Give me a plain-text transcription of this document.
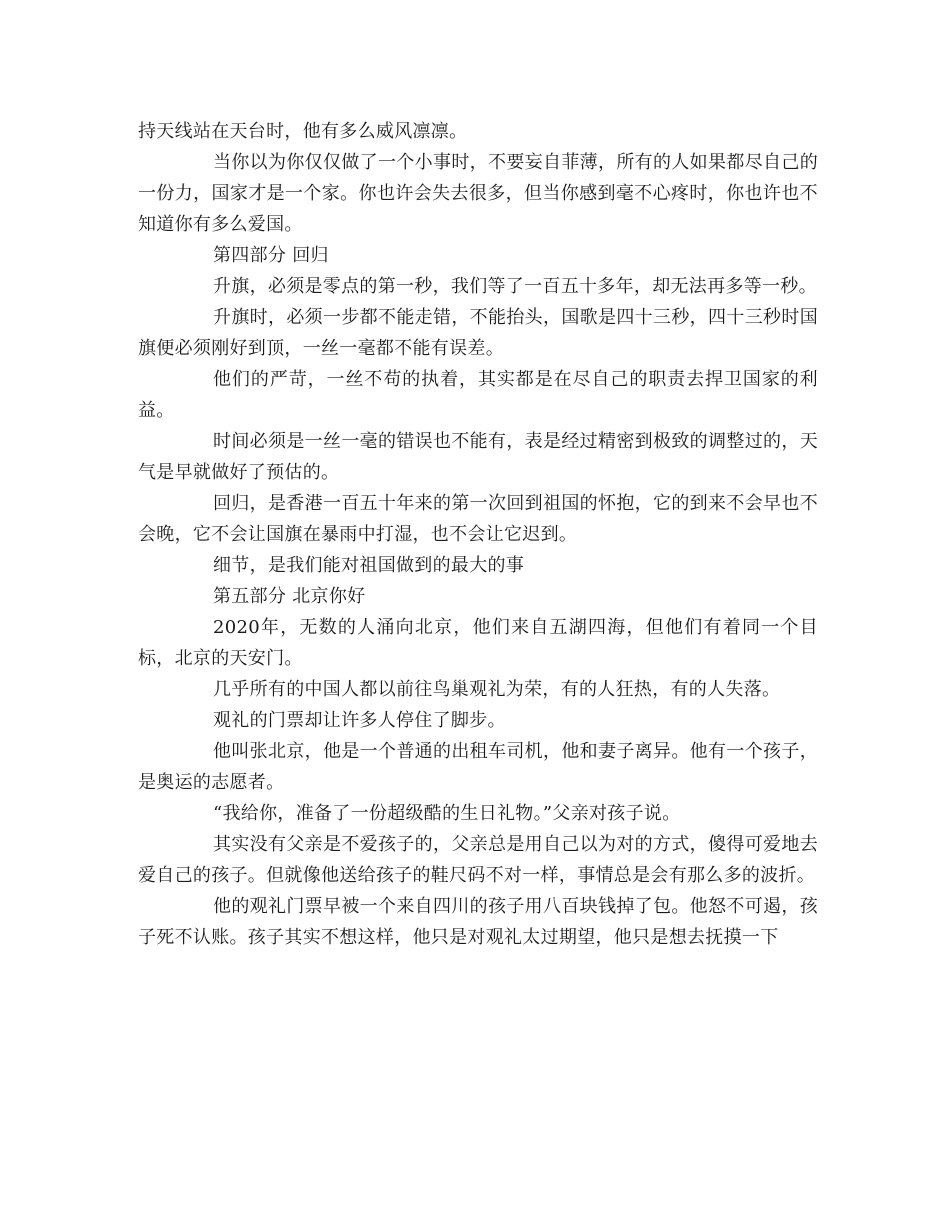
持天线站在天台时，他有多么威风凛凛。

当你以为你仅仅做了一个小事时，不要妄自菲薄，所有的人如果都尽自己的一份力，国家才是一个家。你也许会失去很多，但当你感到毫不心疼时，你也许也不知道你有多么爱国。

第四部分 回归

升旗，必须是零点的第一秒，我们等了一百五十多年，却无法再多等一秒。

升旗时，必须一步都不能走错，不能抬头，国歌是四十三秒，四十三秒时国旗便必须刚好到顶，一丝一毫都不能有误差。

他们的严苛，一丝不苟的执着，其实都是在尽自己的职责去捍卫国家的利益。

时间必须是一丝一毫的错误也不能有，表是经过精密到极致的调整过的，天气是早就做好了预估的。

回归，是香港一百五十年来的第一次回到祖国的怀抱，它的到来不会早也不会晚，它不会让国旗在暴雨中打湿，也不会让它迟到。

细节，是我们能对祖国做到的最大的事

第五部分 北京你好

2020年，无数的人涌向北京，他们来自五湖四海，但他们有着同一个目标，北京的天安门。

几乎所有的中国人都以前往鸟巢观礼为荣，有的人狂热，有的人失落。

观礼的门票却让许多人停住了脚步。

他叫张北京，他是一个普通的出租车司机，他和妻子离异。他有一个孩子，是奥运的志愿者。

“我给你，准备了一份超级酷的生日礼物。”父亲对孩子说。

其实没有父亲是不爱孩子的，父亲总是用自己以为对的方式，傻得可爱地去爱自己的孩子。但就像他送给孩子的鞋尺码不对一样，事情总是会有那么多的波折。

他的观礼门票早被一个来自四川的孩子用八百块钱掉了包。他怒不可遏，孩子死不认账。孩子其实不想这样，他只是对观礼太过期望，他只是想去抚摸一下
